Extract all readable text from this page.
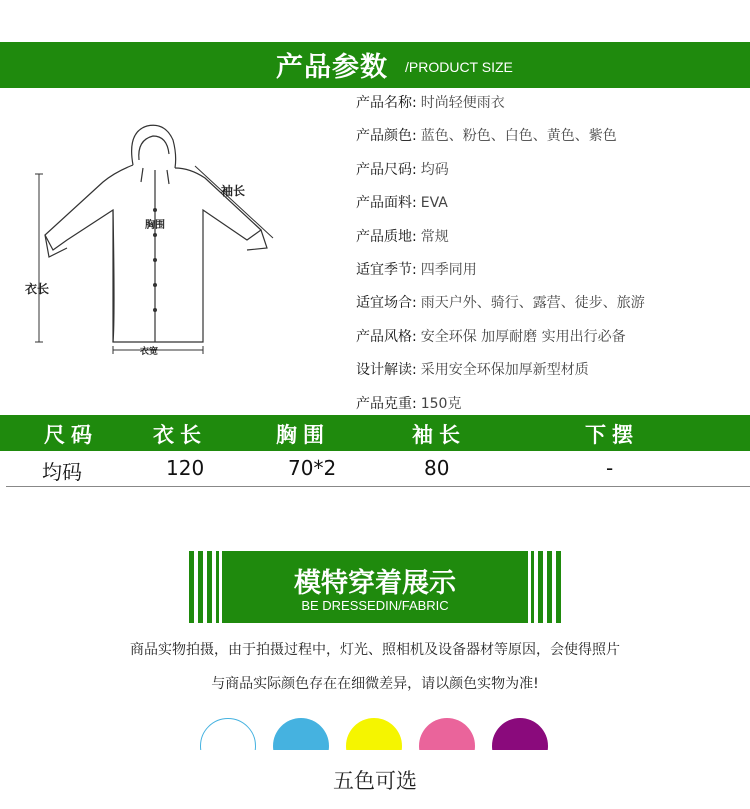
产品参数 /PRODUCT SIZE
袖长
胸围
衣长
衣宽
产品名称: 时尚轻便雨衣
产品颜色: 蓝色、粉色、白色、黄色、紫色
产品尺码: 均码
产品面料: EVA
产品质地: 常规
适宜季节: 四季同用
适宜场合: 雨天户外、骑行、露营、徒步、旅游
产品风格: 安全环保 加厚耐磨 实用出行必备
设计解读: 采用安全环保加厚新型材质
产品克重: 150克
尺码	衣长	胸围	袖长	下摆
均码	120	70*2	80	-
模特穿着展示
BE DRESSEDIN/FABRIC
商品实物拍摄，由于拍摄过程中，灯光、照相机及设备器材等原因，会使得照片
与商品实际颜色存在在细微差异，请以颜色实物为准!
五色可选
